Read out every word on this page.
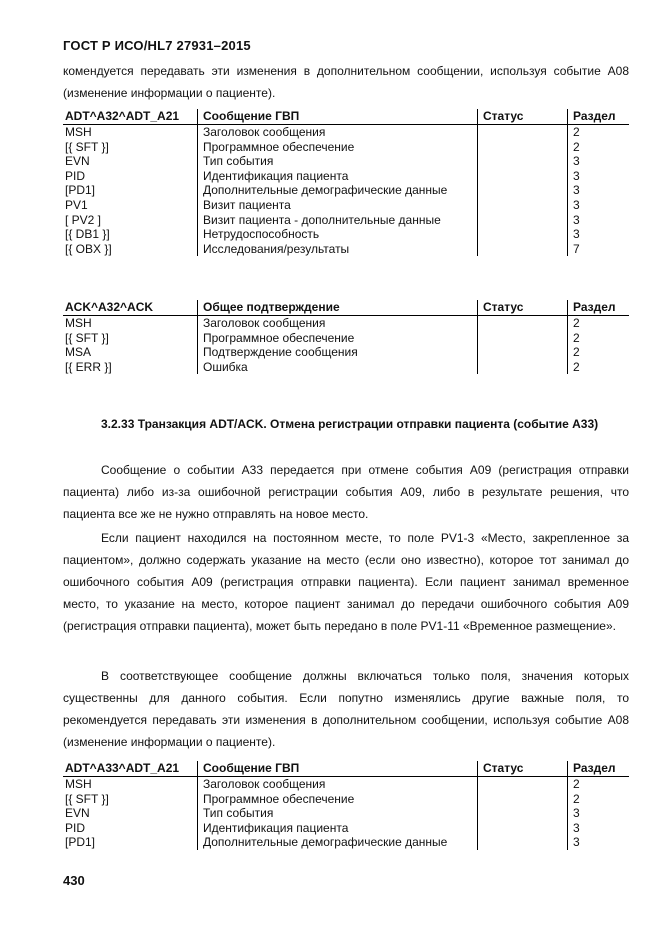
ГОСТ Р ИСО/HL7 27931–2015
комендуется передавать эти изменения в дополнительном сообщении, используя событие A08 (изменение информации о пациенте).
ADT^A32^ADT_A21	Сообщение ГВП	Статус	Раздел
MSH	Заголовок сообщения		2
[{ SFT }]	Программное обеспечение		2
EVN	Тип события		3
PID	Идентификация пациента		3
[PD1]	Дополнительные демографические данные		3
PV1	Визит пациента		3
[ PV2 ]	Визит пациента - дополнительные данные		3
[{ DB1 }]	Нетрудоспособность		3
[{ OBX }]	Исследования/результаты		7
ACK^A32^ACK	Общее подтверждение	Статус	Раздел
MSH	Заголовок сообщения		2
[{ SFT }]	Программное обеспечение		2
MSA	Подтверждение сообщения		2
[{ ERR }]	Ошибка		2
3.2.33 Транзакция ADT/ACK. Отмена регистрации отправки пациента (событие A33)
Сообщение о событии A33 передается при отмене события A09 (регистрация отправки пациента) либо из-за ошибочной регистрации события A09, либо в результате решения, что пациента все же не нужно отправлять на новое место.
Если пациент находился на постоянном месте, то поле PV1-3 «Место, закрепленное за пациентом», должно содержать указание на место (если оно известно), которое тот занимал до ошибочного события A09 (регистрация отправки пациента). Если пациент занимал временное место, то указание на место, которое пациент занимал до передачи ошибочного события A09 (регистрация отправки пациента), может быть передано в поле PV1-11 «Временное размещение».
В соответствующее сообщение должны включаться только поля, значения которых существенны для данного события. Если попутно изменялись другие важные поля, то рекомендуется передавать эти изменения в дополнительном сообщении, используя событие A08 (изменение информации о пациенте).
ADT^A33^ADT_A21	Сообщение ГВП	Статус	Раздел
MSH	Заголовок сообщения		2
[{ SFT }]	Программное обеспечение		2
EVN	Тип события		3
PID	Идентификация пациента		3
[PD1]	Дополнительные демографические данные		3
430
